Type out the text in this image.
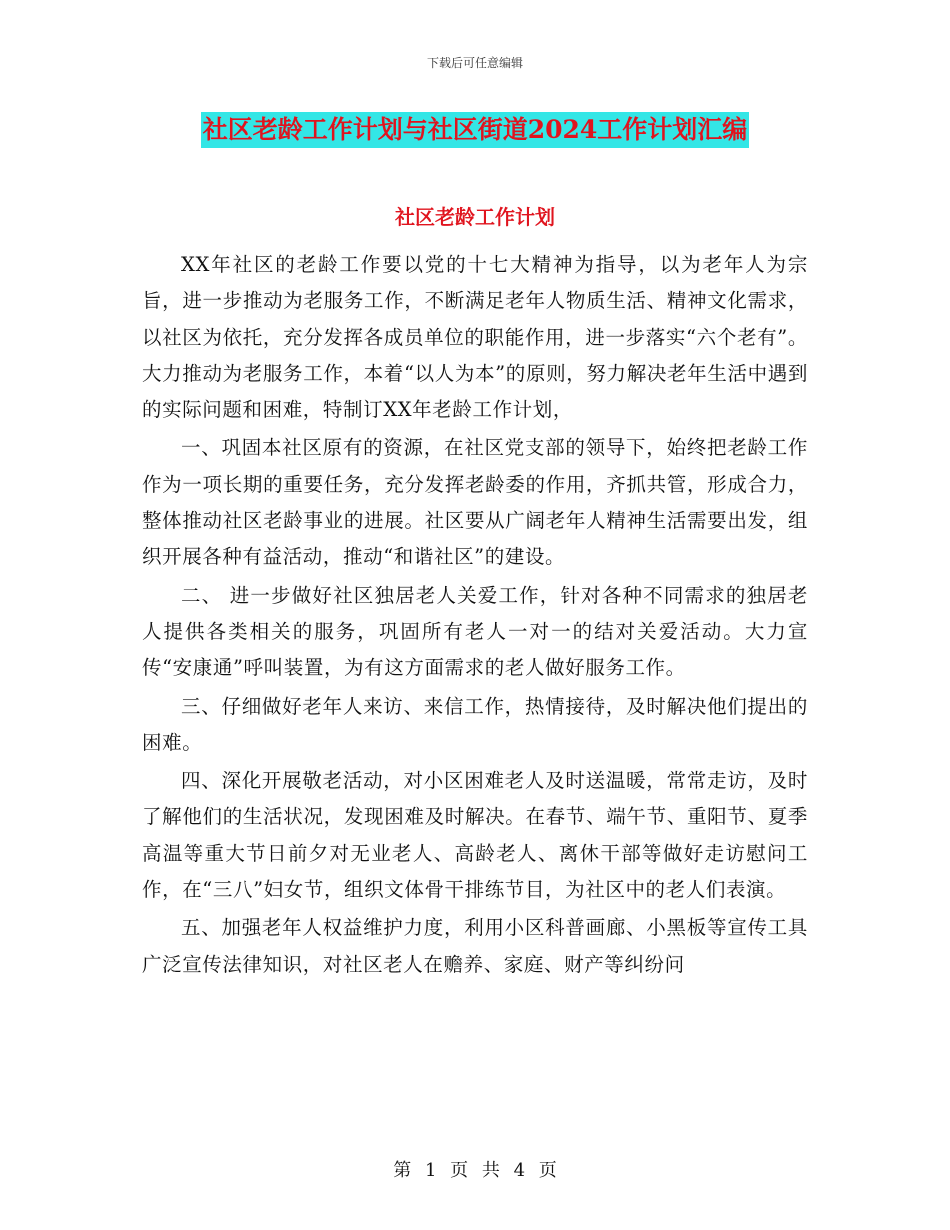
下载后可任意编辑
社区老龄工作计划与社区街道2024工作计划汇编
社区老龄工作计划

XX年社区的老龄工作要以党的十七大精神为指导，以为老年人为宗旨，进一步推动为老服务工作，不断满足老年人物质生活、精神文化需求，以社区为依托，充分发挥各成员单位的职能作用，进一步落实“六个老有”。大力推动为老服务工作，本着“以人为本”的原则，努力解决老年生活中遇到的实际问题和困难，特制订XX年老龄工作计划，

一、巩固本社区原有的资源，在社区党支部的领导下，始终把老龄工作作为一项长期的重要任务，充分发挥老龄委的作用，齐抓共管，形成合力，整体推动社区老龄事业的进展。社区要从广阔老年人精神生活需要出发，组织开展各种有益活动，推动“和谐社区”的建设。

二、 进一步做好社区独居老人关爱工作，针对各种不同需求的独居老人提供各类相关的服务，巩固所有老人一对一的结对关爱活动。大力宣传“安康通”呼叫装置，为有这方面需求的老人做好服务工作。

三、仔细做好老年人来访、来信工作，热情接待，及时解决他们提出的困难。

四、深化开展敬老活动，对小区困难老人及时送温暖，常常走访，及时了解他们的生活状况，发现困难及时解决。在春节、端午节、重阳节、夏季高温等重大节日前夕对无业老人、高龄老人、离休干部等做好走访慰问工作，在“三八”妇女节，组织文体骨干排练节目，为社区中的老人们表演。

五、加强老年人权益维护力度，利用小区科普画廊、小黑板等宣传工具广泛宣传法律知识，对社区老人在赡养、家庭、财产等纠纷问

第 1 页 共 4 页
